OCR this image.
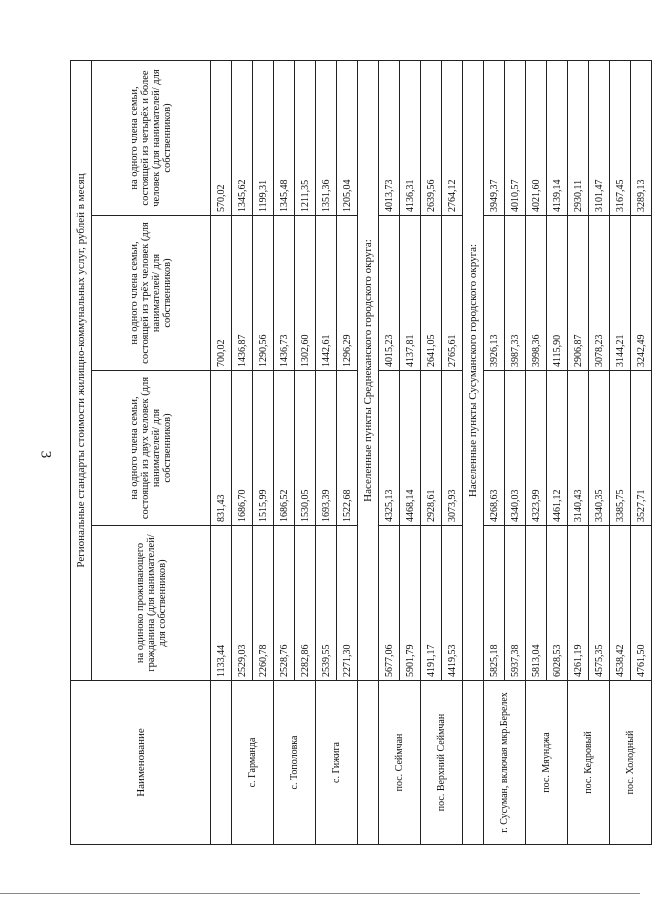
3
Наименование	Региональные стандарты стоимости жилищно-коммунальных услуг, рублей в месяц			
	на одиноко проживающего гражданина (для нанимателей/ для собственников)	на одного члена семьи, состоящей из двух человек (для нанимателей/ для собственников)	на одного члена семьи, состоящей из трёх человек (для нанимателей/ для собственников)	на одного члена семьи, состоящей из четырёх и более человек (для нанимателей/ для собственников)
	1133,44	831,43	700,02	570,02
с. Гарманда	2529,03	1686,70	1436,87	1345,62
	2260,78	1515,99	1290,56	1199,31
с. Тополовка	2528,76	1686,52	1436,73	1345,48
	2282,86	1530,05	1302,60	1211,35
с. Гижига	2539,55	1693,39	1442,61	1351,36
	2271,30	1522,68	1296,29	1205,04
	Населенные пункты Среднеканского городского округа:			
пос. Сеймчан	5677,06	4325,13	4015,23	4013,73
	5901,79	4468,14	4137,81	4136,31
пос. Верхний Сеймчан	4191,17	2928,61	2641,05	2639,56
	4419,53	3073,93	2765,61	2764,12
	Населенные пункты Сусуманского городского округа:			
г. Сусуман, включая мкр.Берелех	5825,18	4268,63	3926,13	3949,37
	5937,38	4340,03	3987,33	4010,57
пос. Мяунджа	5813,04	4323,99	3998,36	4021,60
	6028,53	4461,12	4115,90	4139,14
пос. Кедровый	4261,19	3140,43	2906,87	2930,11
	4575,35	3340,35	3078,23	3101,47
пос. Холодный	4538,42	3385,75	3144,21	3167,45
	4761,50	3527,71	3242,49	3289,13
